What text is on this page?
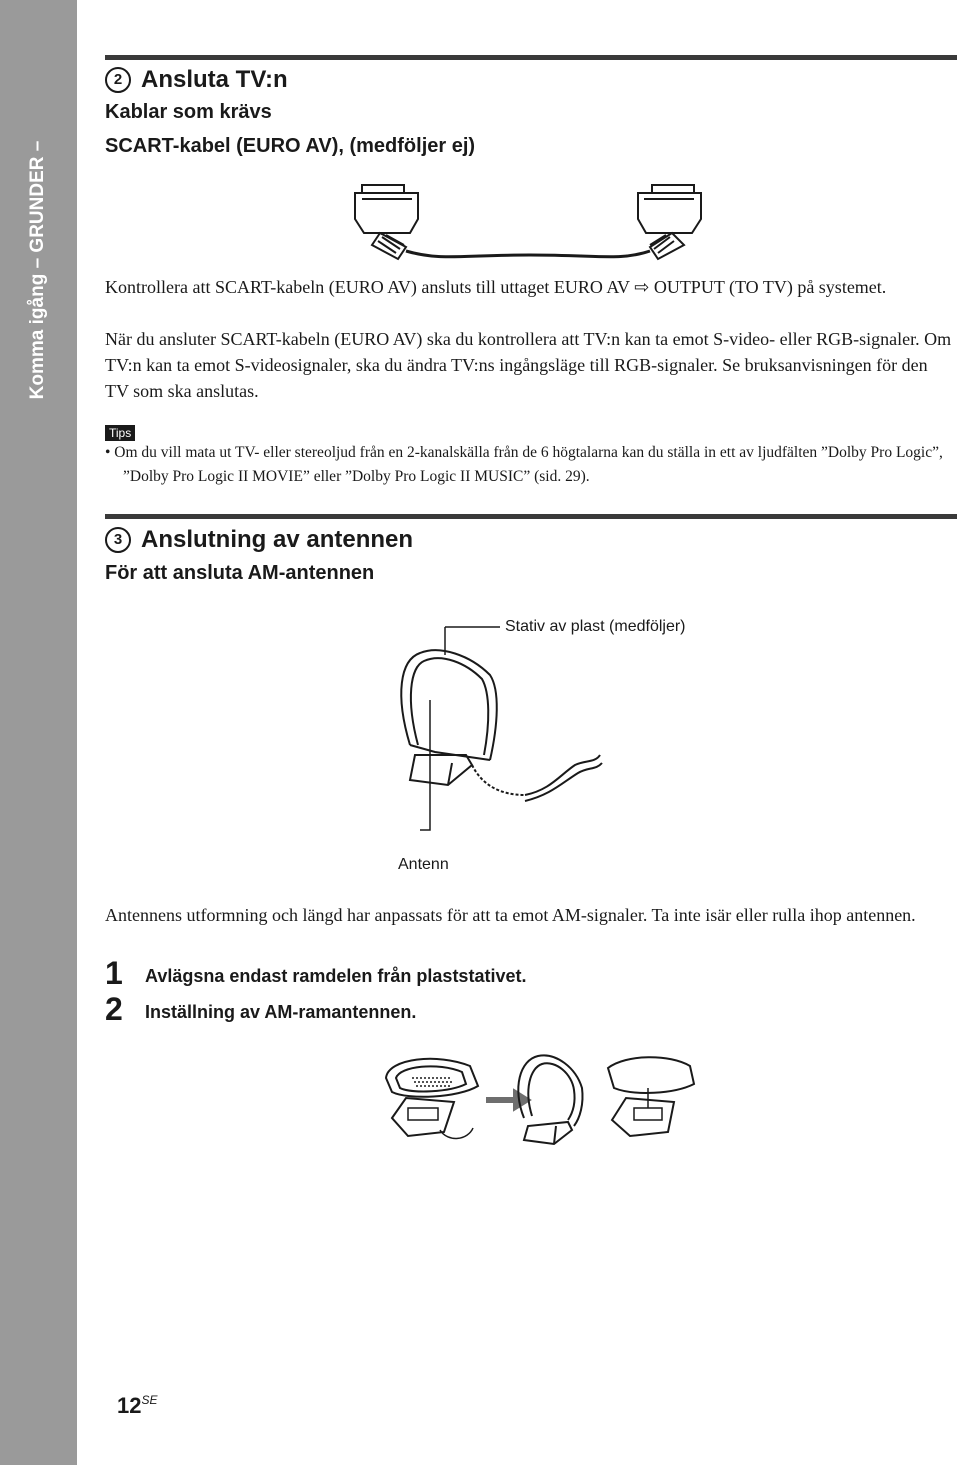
Komma igång – GRUNDER –
2 Ansluta TV:n
Kablar som krävs
SCART-kabel (EURO AV), (medföljer ej)

Kontrollera att SCART-kabeln (EURO AV) ansluts till uttaget EURO AV ⇨ OUTPUT (TO TV) på systemet.

När du ansluter SCART-kabeln (EURO AV) ska du kontrollera att TV:n kan ta emot S-video- eller RGB-signaler. Om TV:n kan ta emot S-videosignaler, ska du ändra TV:ns ingångsläge till RGB-signaler. Se bruksanvisningen för den TV som ska anslutas.

Tips

• Om du vill mata ut TV- eller stereoljud från en 2-kanalskälla från de 6 högtalarna kan du ställa in ett av ljudfälten ”Dolby Pro Logic”, ”Dolby Pro Logic II MOVIE” eller ”Dolby Pro Logic II MUSIC” (sid. 29).

3 Anslutning av antennen
För att ansluta AM-antennen
Stativ av plast (medföljer)
Antenn

Antennens utformning och längd har anpassats för att ta emot AM-signaler. Ta inte isär eller rulla ihop antennen.

1 Avlägsna endast ramdelen från plaststativet.
2 Inställning av AM-ramantennen.
$12^{SE}$
